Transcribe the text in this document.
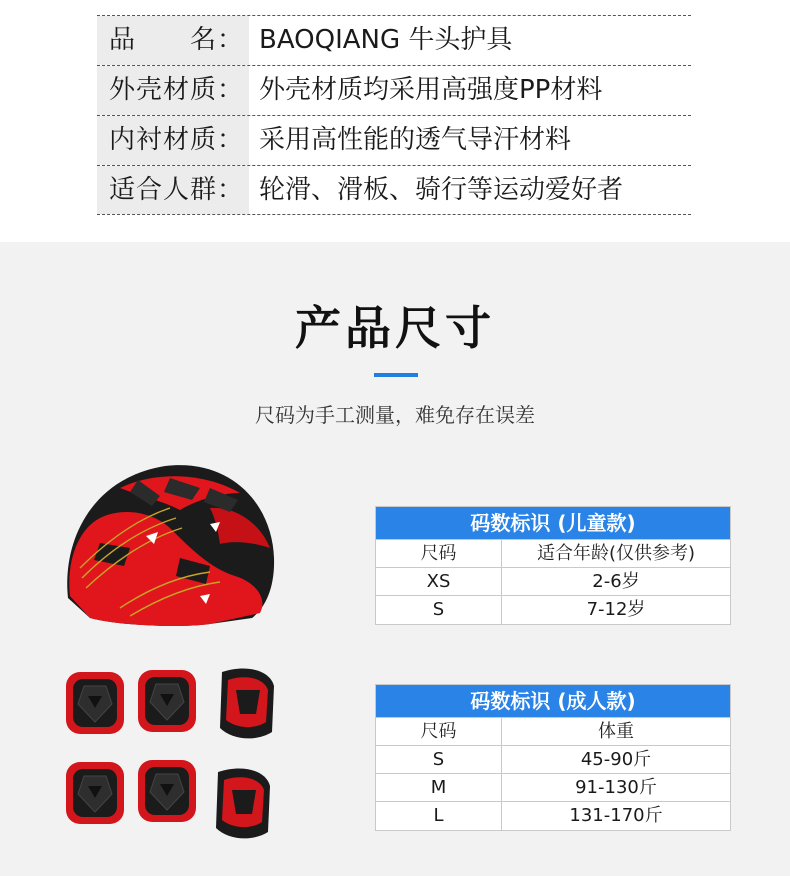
品　　名： BAOQIANG 牛头护具
外壳材质： 外壳材质均采用高强度PP材料
内衬材质： 采用高性能的透气导汗材料
适合人群： 轮滑、滑板、骑行等运动爱好者
产品尺寸
尺码为手工测量，难免存在误差
码数标识 (儿童款)
尺码	适合年龄(仅供参考)
XS	2-6岁
S	7-12岁
码数标识 (成人款)
尺码	体重
S	45-90斤
M	91-130斤
L	131-170斤
